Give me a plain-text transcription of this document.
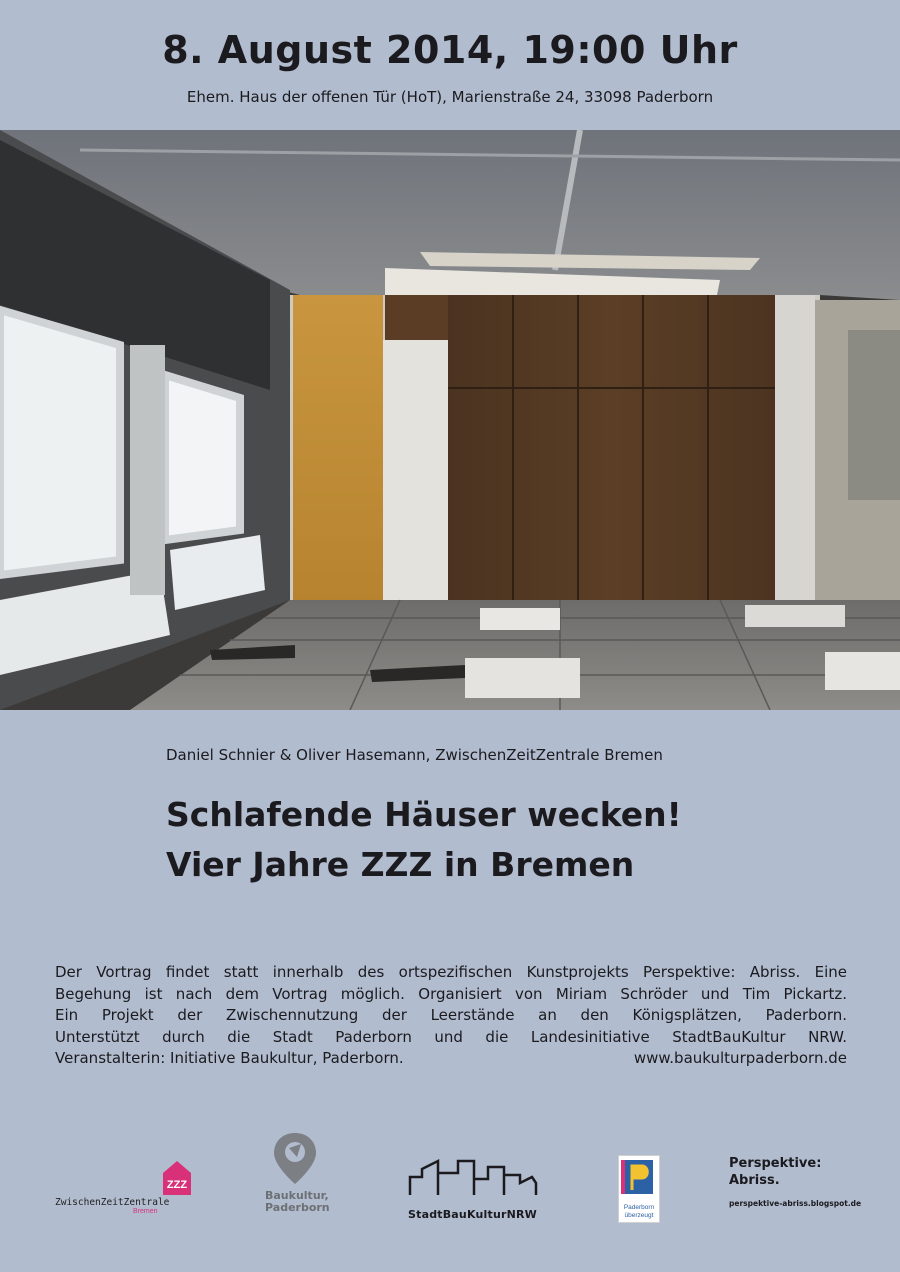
8. August 2014, 19:00 Uhr
Ehem. Haus der offenen Tür (HoT), Marienstraße 24, 33098 Paderborn
Daniel Schnier & Oliver Hasemann, ZwischenZeitZentrale Bremen
Schlafende Häuser wecken!
Vier Jahre ZZZ in Bremen
Der Vortrag findet statt innerhalb des ortspezifischen Kunstprojekts Perspektive: Abriss. Eine
Begehung ist nach dem Vortrag möglich. Organisiert von Miriam Schröder und Tim Pickartz.
Ein Projekt der Zwischennutzung der Leerstände an den Königsplätzen, Paderborn.
Unterstützt durch die Stadt Paderborn und die Landesinitiative StadtBauKultur NRW.
Veranstalterin: Initiative Baukultur, Paderborn.	www.baukulturpaderborn.de
ZZZ
ZwischenZeitZentrale
Bremen
Baukultur,
Paderborn
StadtBauKulturNRW
Paderborn überzeugt
Perspektive:
Abriss.
perspektive-abriss.blogspot.de
